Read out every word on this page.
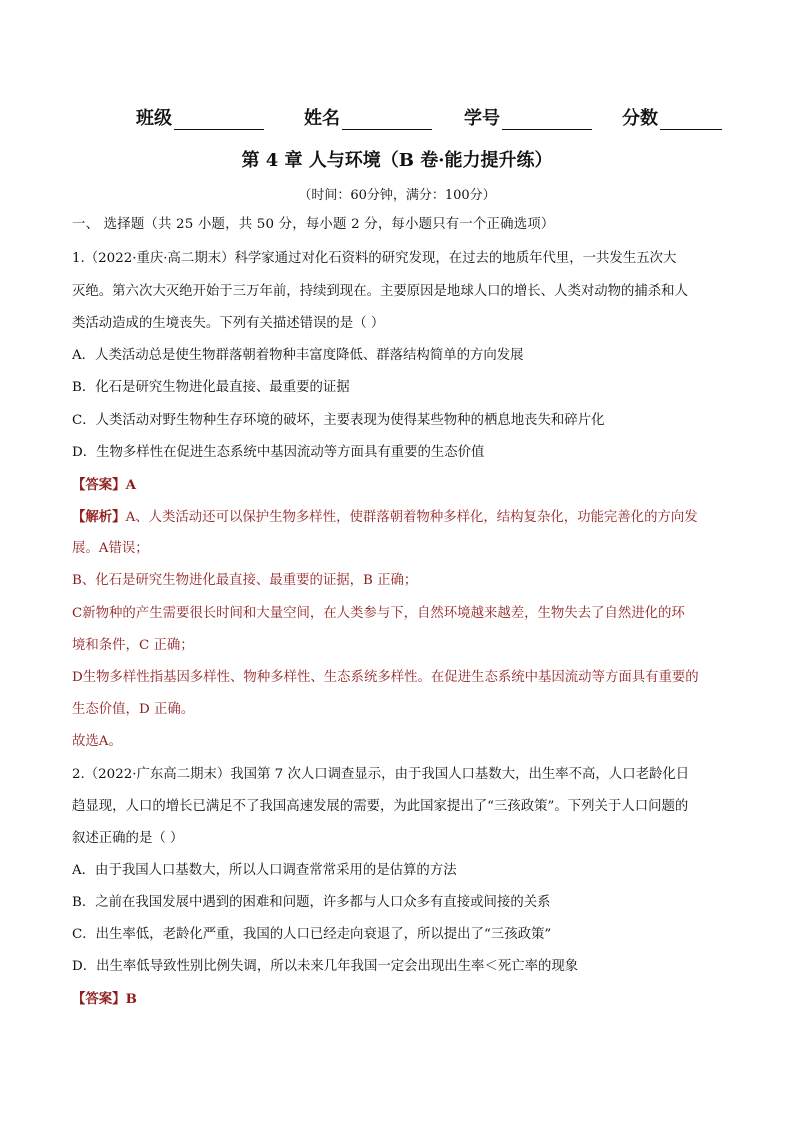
班级	姓名	学号	分数
第 4 章 人与环境（B 卷·能力提升练）
（时间：60分钟，满分：100分）
一、 选择题（共 25 小题，共 50 分，每小题 2 分，每小题只有一个正确选项）
1.（2022·重庆·高二期末）科学家通过对化石资料的研究发现，在过去的地质年代里，一共发生五次大
灭绝。第六次大灭绝开始于三万年前，持续到现在。主要原因是地球人口的增长、人类对动物的捕杀和人
类活动造成的生境丧失。下列有关描述错误的是（ ）
A．人类活动总是使生物群落朝着物种丰富度降低、群落结构简单的方向发展
B．化石是研究生物进化最直接、最重要的证据
C．人类活动对野生物种生存环境的破坏，主要表现为使得某些物种的栖息地丧失和碎片化
D．生物多样性在促进生态系统中基因流动等方面具有重要的生态价值
【答案】A
【解析】A、人类活动还可以保护生物多样性，使群落朝着物种多样化，结构复杂化，功能完善化的方向发
展。A错误；
B、化石是研究生物进化最直接、最重要的证据，B 正确；
C新物种的产生需要很长时间和大量空间，在人类参与下，自然环境越来越差，生物失去了自然进化的环
境和条件，C 正确；
D生物多样性指基因多样性、物种多样性、生态系统多样性。在促进生态系统中基因流动等方面具有重要的
生态价值，D 正确。
故选A。
2.（2022·广东高二期末）我国第 7 次人口调查显示，由于我国人口基数大，出生率不高，人口老龄化日
趋显现，人口的增长已满足不了我国高速发展的需要，为此国家提出了“三孩政策”。下列关于人口问题的
叙述正确的是（ ）
A．由于我国人口基数大，所以人口调查常常采用的是估算的方法
B．之前在我国发展中遇到的困难和问题，许多都与人口众多有直接或间接的关系
C．出生率低，老龄化严重，我国的人口已经走向衰退了，所以提出了“三孩政策”
D．出生率低导致性别比例失调，所以未来几年我国一定会出现出生率＜死亡率的现象
【答案】B
